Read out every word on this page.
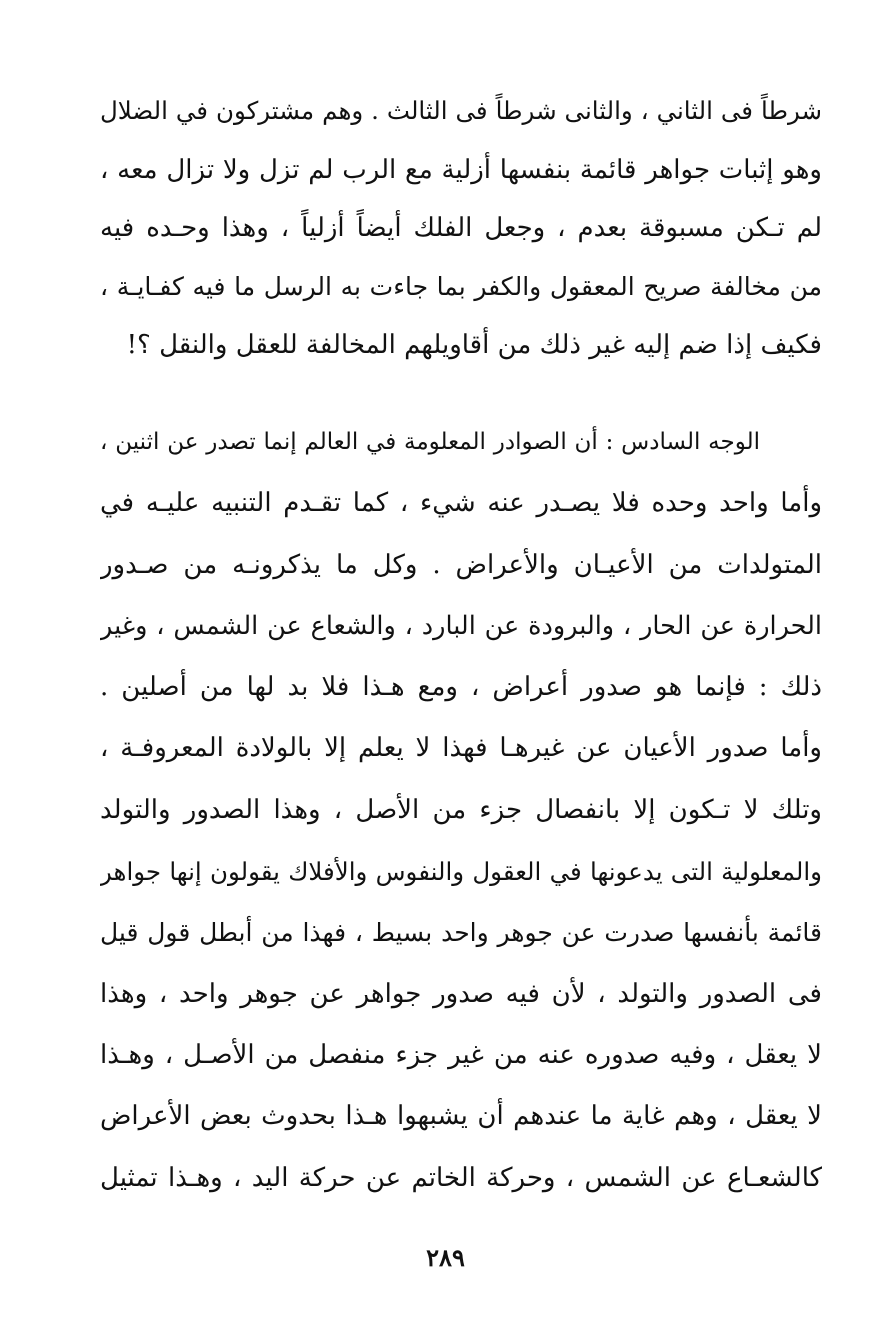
شرطاً فى الثاني ، والثانى شرطاً فى الثالث . وهم مشتركون في الضلال
وهو إثبات جواهر قائمة بنفسها أزلية مع الرب لم تزل ولا تزال معه ،
لم تـكن مسبوقة بعدم ، وجعل الفلك أيضاً أزلياً ، وهذا وحـده فيه
من مخالفة صريح المعقول والكفر بما جاءت به الرسل ما فيه كفـايـة ،
فكيف إذا ضم إليه غير ذلك من أقاويلهم المخالفة للعقل والنقل ؟!
الوجه السادس : أن الصوادر المعلومة في العالم إنما تصدر عن اثنين ،
وأما واحد وحده فلا يصـدر عنه شيء ، كما تقـدم التنبيه عليـه في
المتولدات من الأعيـان والأعراض . وكل ما يذكرونـه من صـدور
الحرارة عن الحار ، والبرودة عن البارد ، والشعاع عن الشمس ، وغير
ذلك : فإنما هو صدور أعراض ، ومع هـذا فلا بد لها من أصلين .
وأما صدور الأعيان عن غيرهـا فهذا لا يعلم إلا بالولادة المعروفـة ،
وتلك لا تـكون إلا بانفصال جزء من الأصل ، وهذا الصدور والتولد
والمعلولية التى يدعونها في العقول والنفوس والأفلاك يقولون إنها جواهر
قائمة بأنفسها صدرت عن جوهر واحد بسيط ، فهذا من أبطل قول قيل
فى الصدور والتولد ، لأن فيه صدور جواهر عن جوهر واحد ، وهذا
لا يعقل ، وفيه صدوره عنه من غير جزء منفصل من الأصـل ، وهـذا
لا يعقل ، وهم غاية ما عندهم أن يشبهوا هـذا بحدوث بعض الأعراض
كالشعـاع عن الشمس ، وحركة الخاتم عن حركة اليد ، وهـذا تمثيل
٢٨٩
